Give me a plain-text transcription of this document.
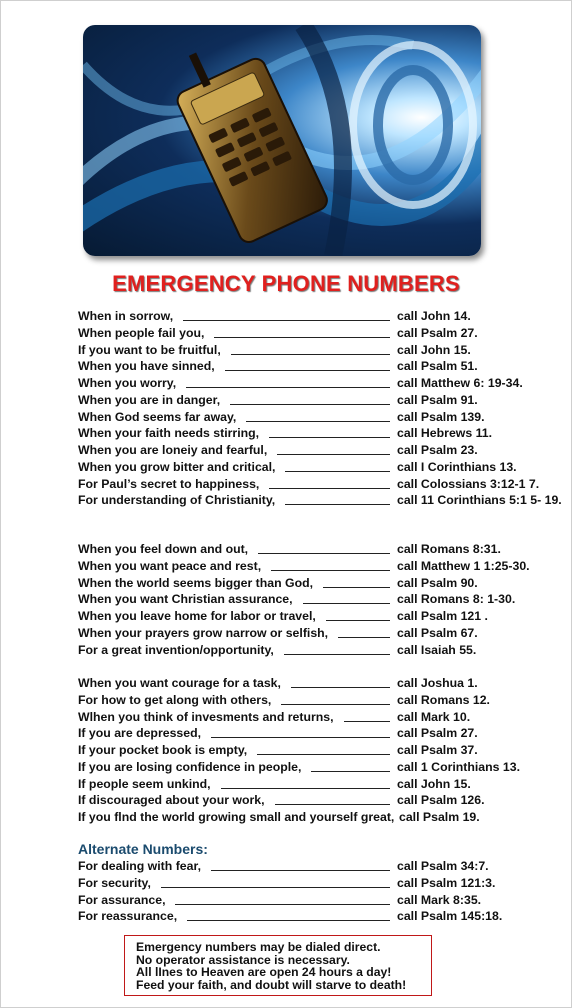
EMERGENCY PHONE NUMBERS
When in sorrow,	call John 14.
When people fail you,	call Psalm 27.
If you want to be fruitful,	call John 15.
When you have sinned,	call Psalm 51.
When you worry,	call Matthew 6: 19-34.
When you are in danger,	call Psalm 91.
When God seems far away,	call Psalm 139.
When your faith needs stirring,	call Hebrews 11.
When you are loneiy and fearful,	call Psalm 23.
When you grow bitter and critical,	call I Corinthians 13.
For Paul’s secret to happiness,	call Colossians 3:12-1 7.
For understanding of Christianity,	call 11 Corinthians 5:1 5- 19.
When you feel down and out,	call Romans 8:31.
When you want peace and rest,	call Matthew 1 1:25-30.
When the world seems bigger than God,	call Psalm 90.
When you want Christian assurance,	call Romans 8: 1-30.
When you leave home for labor or travel,	call Psalm 121 .
When your prayers grow narrow or selfish,	call Psalm 67.
For a great invention/opportunity,	call Isaiah 55.
When you want courage for a task,	call Joshua 1.
For how to get along with others,	call Romans 12.
Wlhen you think of invesments and returns,	call Mark 10.
If you are depressed,	call Psalm 27.
If your pocket book is empty,	call Psalm 37.
If you are losing confidence in people,	call 1 Corinthians 13.
If people seem unkind,	call John 15.
If discouraged about your work,	call Psalm 126.
If you flnd the world growing small and yourself great, call Psalm 19.
For dealing with fear,	call Psalm 34:7.
For security,	call Psalm 121:3.
For assurance,	call Mark 8:35.
For reassurance,	call Psalm 145:18.
Alternate Numbers:
Emergency numbers may be dialed direct.
No operator assistance is necessary.
All lInes to Heaven are open 24 hours a day!
Feed your faith, and doubt will starve to death!
